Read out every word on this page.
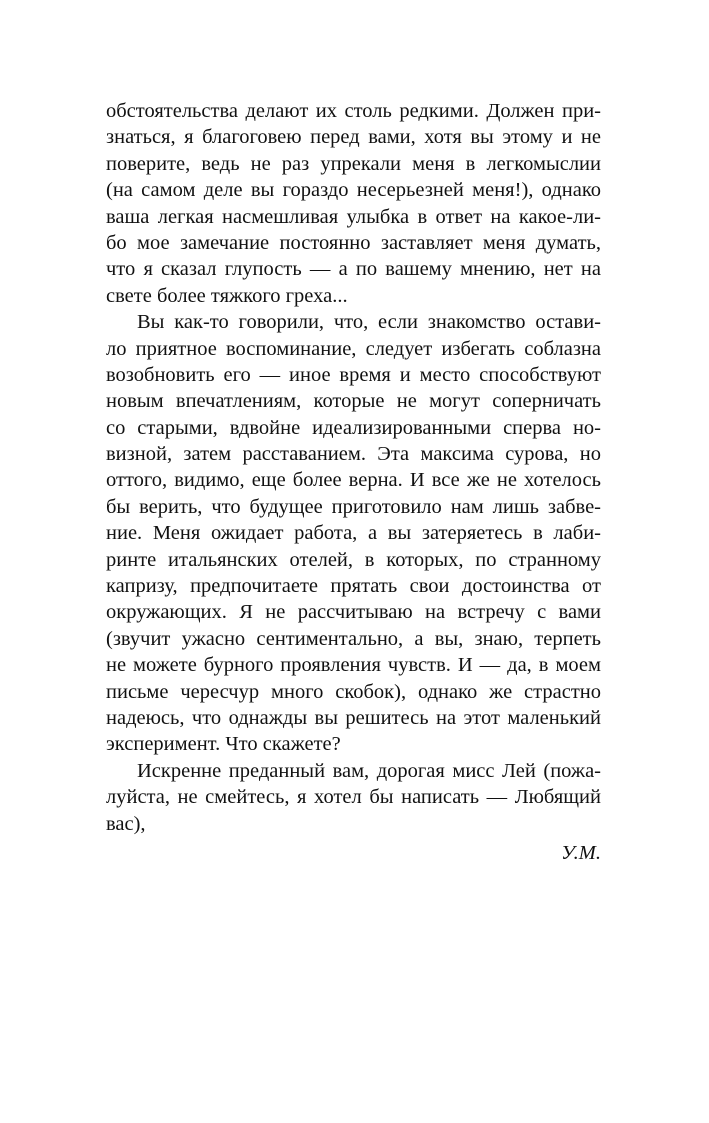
обстоятельства делают их столь редкими. Должен при-
знаться, я благоговею перед вами, хотя вы этому и не
поверите, ведь не раз упрекали меня в легкомыслии
(на самом деле вы гораздо несерьезней меня!), однако
ваша легкая насмешливая улыбка в ответ на какое-ли-
бо мое замечание постоянно заставляет меня думать,
что я сказал глупость — а по вашему мнению, нет на
свете более тяжкого греха...
Вы как-то говорили, что, если знакомство остави-
ло приятное воспоминание, следует избегать соблазна
возобновить его — иное время и место способствуют
новым впечатлениям, которые не могут соперничать
со старыми, вдвойне идеализированными сперва но-
визной, затем расставанием. Эта максима сурова, но
оттого, видимо, еще более верна. И все же не хотелось
бы верить, что будущее приготовило нам лишь забве-
ние. Меня ожидает работа, а вы затеряетесь в лаби-
ринте итальянских отелей, в которых, по странному
капризу, предпочитаете прятать свои достоинства от
окружающих. Я не рассчитываю на встречу с вами
(звучит ужасно сентиментально, а вы, знаю, терпеть
не можете бурного проявления чувств. И — да, в моем
письме чересчур много скобок), однако же страстно
надеюсь, что однажды вы решитесь на этот маленький
эксперимент. Что скажете?
Искренне преданный вам, дорогая мисс Лей (пожа-
луйста, не смейтесь, я хотел бы написать — Любящий
вас),
У.М.
